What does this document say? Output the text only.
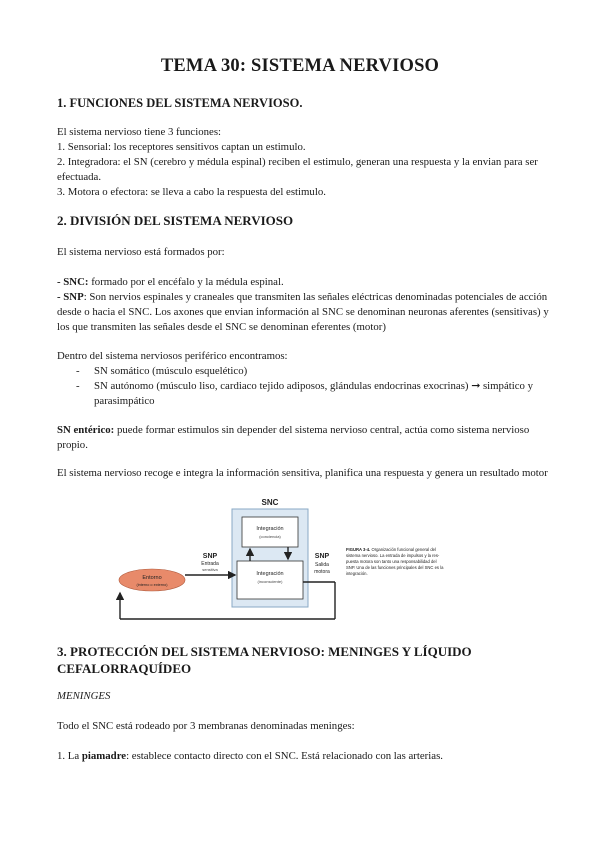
TEMA 30: SISTEMA NERVIOSO
1. FUNCIONES DEL SISTEMA NERVIOSO.
El sistema nervioso tiene 3 funciones:
1. Sensorial: los receptores sensitivos captan un estimulo.
2. Integradora: el SN (cerebro y médula espinal) reciben el estimulo, generan una respuesta y la envian para ser efectuada.
3. Motora o efectora: se lleva a cabo la respuesta del estimulo.
2. DIVISIÓN DEL SISTEMA NERVIOSO
El sistema nervioso está formados por:
- SNC: formado por el encéfalo y la médula espinal.
- SNP: Son nervios espinales y craneales que transmiten las señales eléctricas denominadas potenciales de acción desde o hacia el SNC. Los axones que envian información al SNC se denominan neuronas aferentes (sensitivas) y los que transmiten las señales desde el SNC se denominan eferentes (motor)
Dentro del sistema nerviosos periférico encontramos:
- SN somático (músculo esquelético)
- SN autónomo (músculo liso, cardiaco tejido adiposos, glándulas endocrinas exocrinas) ➞ simpático y parasimpático
SN entérico: puede formar estimulos sin depender del sistema nervioso central, actúa como sistema nervioso propio.
El sistema nervioso recoge e integra la información sensitiva, planifica una respuesta y genera un resultado motor
SNC
Integración
(conciencia)
Integración
(inconsciente)
Entorno
(interno o externo)
SNP
Entrada
sensitiva
SNP
Salida
motora
FIGURA 3-4. Organización funcional general del
sistema nervioso. La entrada de impulsos y la res-
puesta motora son tanto una responsabilidad del
SNP. Una de las funciones principales del SNC es la
integración.
3. PROTECCIÓN DEL SISTEMA NERVIOSO: MENINGES Y LÍQUIDO CEFALORRAQUÍDEO
MENINGES
Todo el SNC está rodeado por 3 membranas denominadas meninges:
1. La piamadre: establece contacto directo con el SNC. Está relacionado con las arterias.
